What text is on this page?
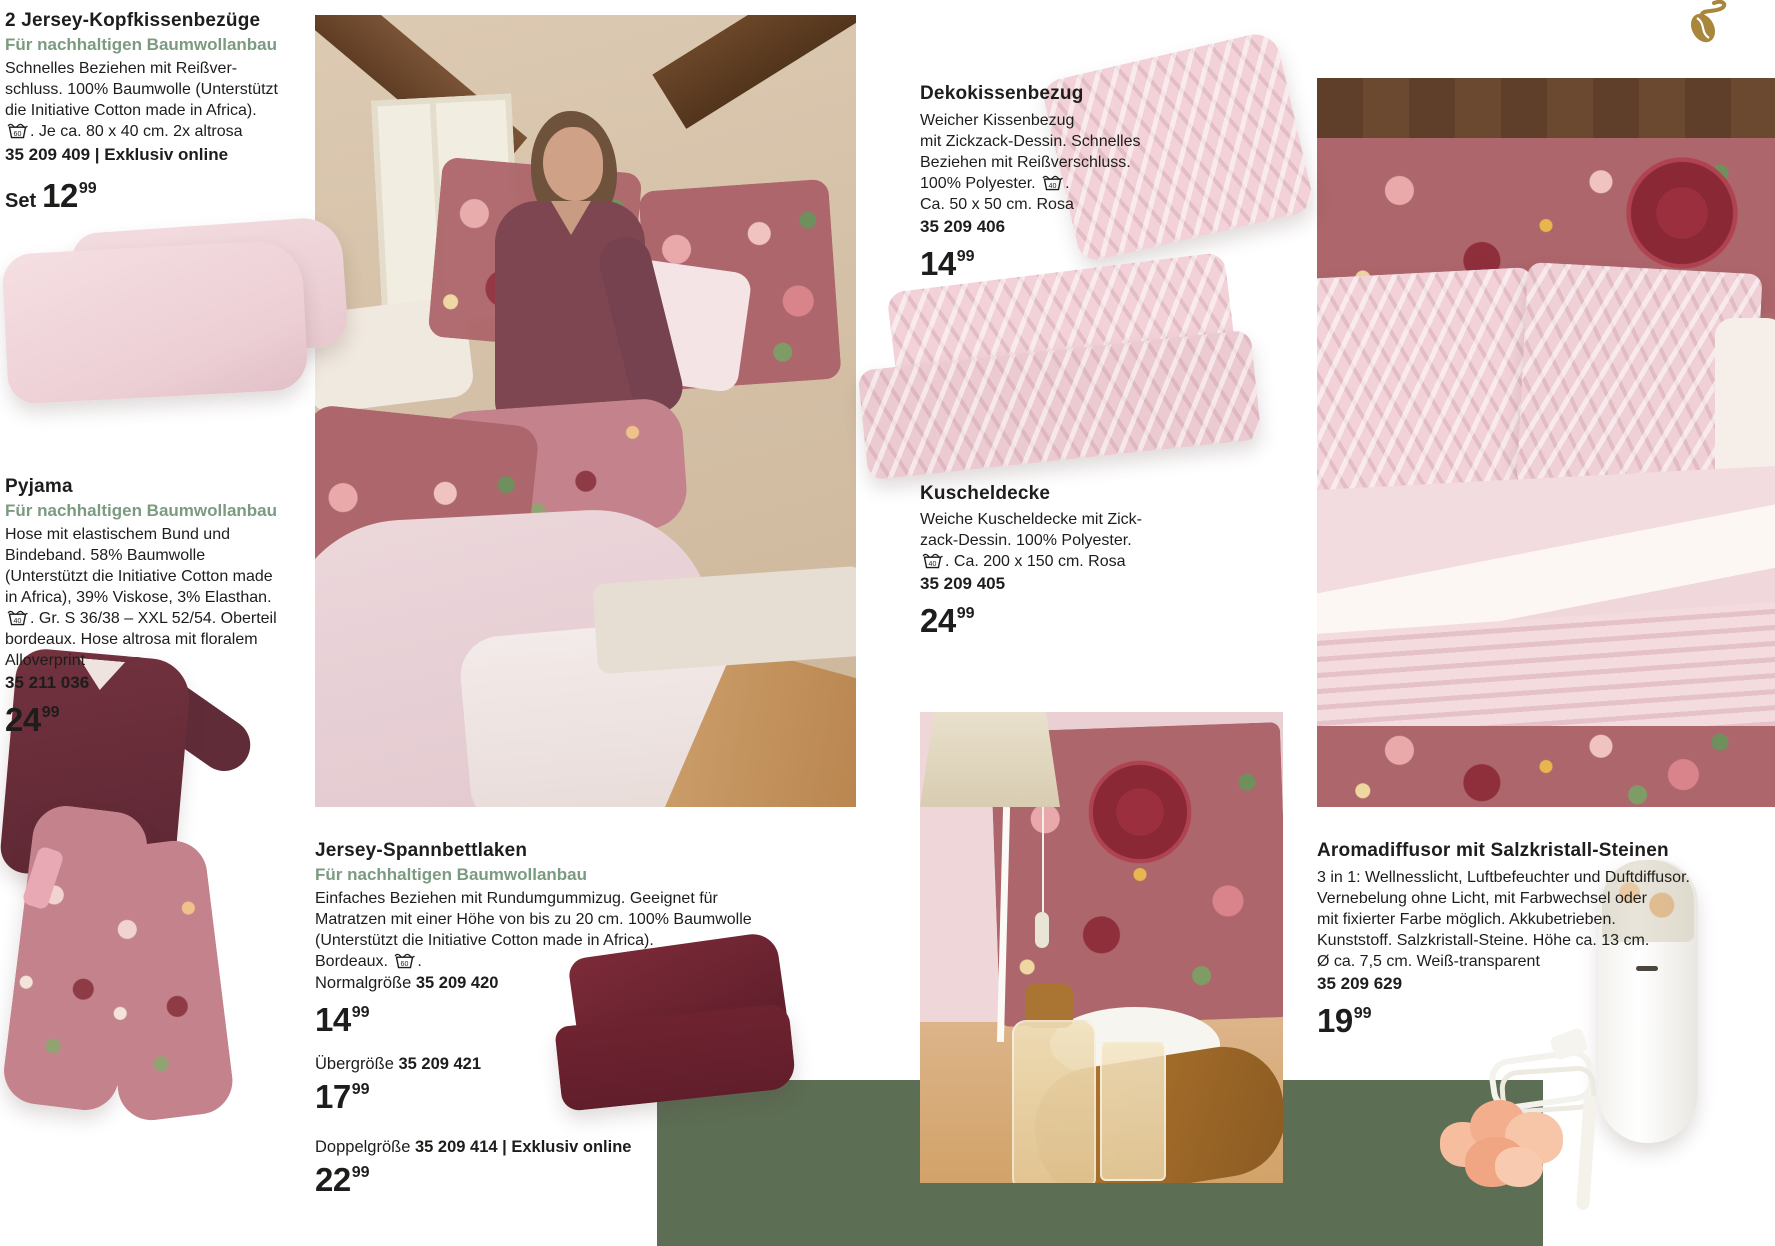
2 Jersey-Kopfkissenbezüge
Für nachhaltigen Baumwollanbau
Schnelles Beziehen mit Reißver-
schluss. 100% Baumwolle (Unterstützt
die Initiative Cotton made in Africa).
60 . Je ca. 80 x 40 cm. 2x altrosa
35 209 409 | Exklusiv online
Set 1299
Pyjama
Für nachhaltigen Baumwollanbau
Hose mit elastischem Bund und
Bindeband. 58% Baumwolle
(Unterstützt die Initiative Cotton made
in Africa), 39% Viskose, 3% Elasthan.
40 . Gr. S 36/38 – XXL 52/54. Oberteil
bordeaux. Hose altrosa mit floralem
Alloverprint
35 211 036
2499
Dekokissenbezug
Weicher Kissenbezug
mit Zickzack-Dessin. Schnelles
Beziehen mit Reißverschluss.
100% Polyester. 40 .
Ca. 50 x 50 cm. Rosa
35 209 406
1499
Kuscheldecke
Weiche Kuscheldecke mit Zick-
zack-Dessin. 100% Polyester.
40 . Ca. 200 x 150 cm. Rosa
35 209 405
2499
Jersey-Spannbettlaken
Für nachhaltigen Baumwollanbau
Einfaches Beziehen mit Rundumgummizug. Geeignet für
Matratzen mit einer Höhe von bis zu 20 cm. 100% Baumwolle
(Unterstützt die Initiative Cotton made in Africa).
Bordeaux. 60 .
Normalgröße 35 209 420
1499
Übergröße 35 209 421
1799
Doppelgröße 35 209 414 | Exklusiv online
2299
Aromadiffusor mit Salzkristall-Steinen
3 in 1: Wellnesslicht, Luftbefeuchter und Duftdiffusor.
Vernebelung ohne Licht, mit Farbwechsel oder
mit fixierter Farbe möglich. Akkubetrieben.
Kunststoff. Salzkristall-Steine. Höhe ca. 13 cm.
Ø ca. 7,5 cm. Weiß-transparent
35 209 629
1999
